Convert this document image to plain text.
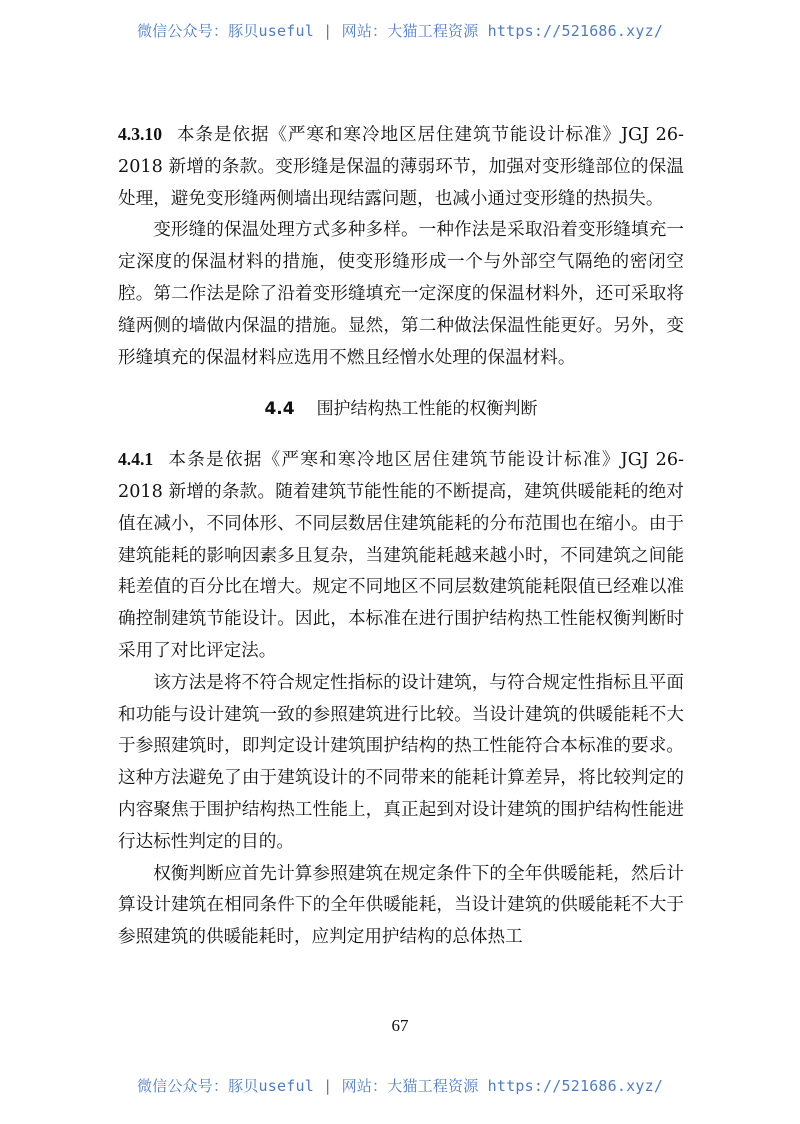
微信公众号：豚贝useful | 网站：大猫工程资源 https://521686.xyz/

4.3.10 本条是依据《严寒和寒冷地区居住建筑节能设计标准》JGJ 26-2018 新增的条款。变形缝是保温的薄弱环节，加强对变形缝部位的保温处理，避免变形缝两侧墙出现结露问题，也减小通过变形缝的热损失。

变形缝的保温处理方式多种多样。一种作法是采取沿着变形缝填充一定深度的保温材料的措施，使变形缝形成一个与外部空气隔绝的密闭空腔。第二作法是除了沿着变形缝填充一定深度的保温材料外，还可采取将缝两侧的墙做内保温的措施。显然，第二种做法保温性能更好。另外，变形缝填充的保温材料应选用不燃且经憎水处理的保温材料。

4.4 围护结构热工性能的权衡判断

4.4.1 本条是依据《严寒和寒冷地区居住建筑节能设计标准》JGJ 26-2018 新增的条款。随着建筑节能性能的不断提高，建筑供暖能耗的绝对值在减小，不同体形、不同层数居住建筑能耗的分布范围也在缩小。由于建筑能耗的影响因素多且复杂，当建筑能耗越来越小时，不同建筑之间能耗差值的百分比在增大。规定不同地区不同层数建筑能耗限值已经难以准确控制建筑节能设计。因此，本标准在进行围护结构热工性能权衡判断时采用了对比评定法。

该方法是将不符合规定性指标的设计建筑，与符合规定性指标且平面和功能与设计建筑一致的参照建筑进行比较。当设计建筑的供暖能耗不大于参照建筑时，即判定设计建筑围护结构的热工性能符合本标准的要求。这种方法避免了由于建筑设计的不同带来的能耗计算差异，将比较判定的内容聚焦于围护结构热工性能上，真正起到对设计建筑的围护结构性能进行达标性判定的目的。

权衡判断应首先计算参照建筑在规定条件下的全年供暖能耗，然后计算设计建筑在相同条件下的全年供暖能耗，当设计建筑的供暖能耗不大于参照建筑的供暖能耗时，应判定用护结构的总体热工

67
微信公众号：豚贝useful | 网站：大猫工程资源 https://521686.xyz/
